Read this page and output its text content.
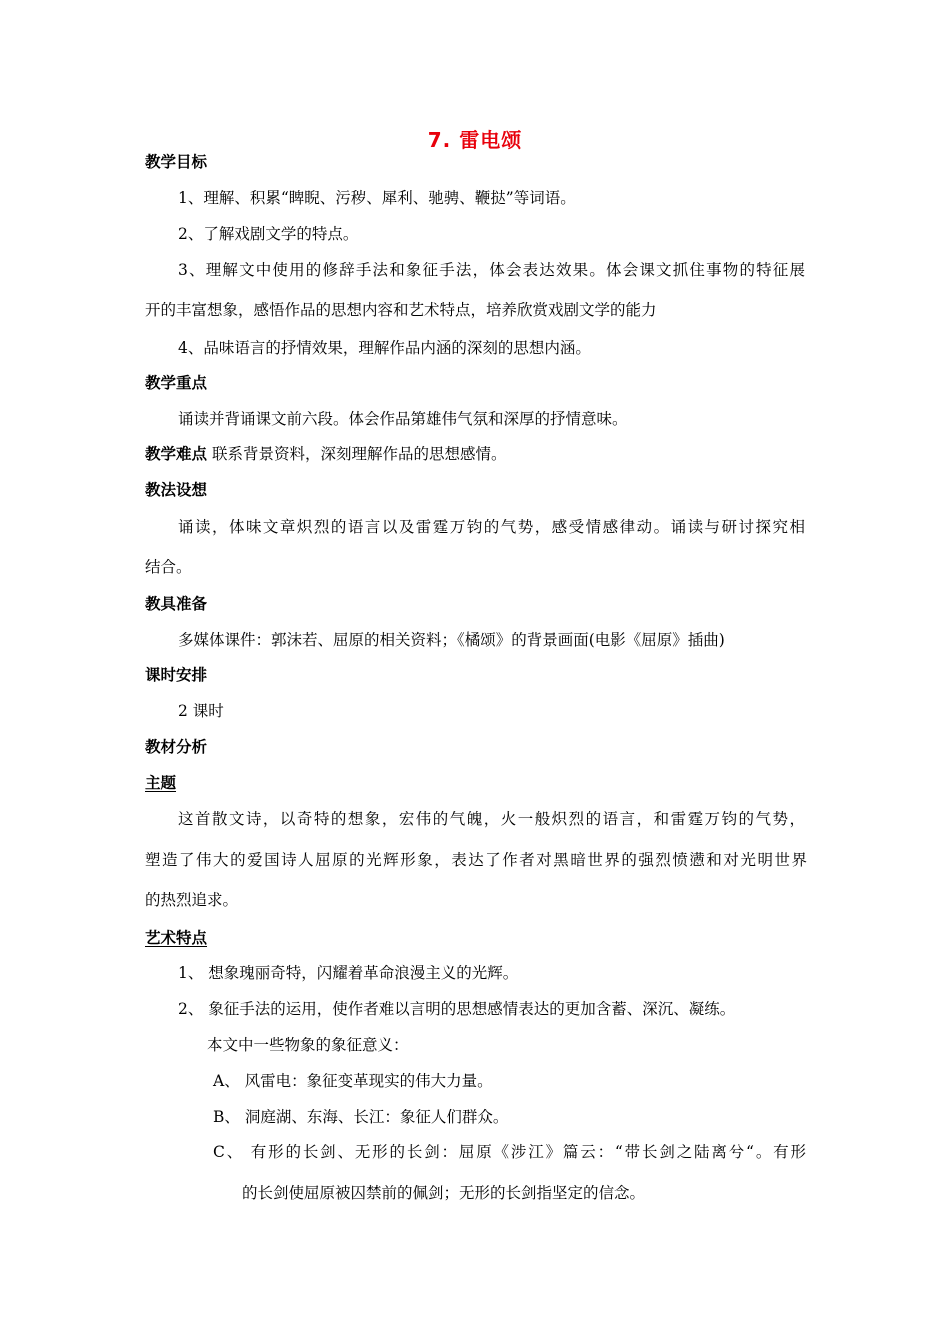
7. 雷电颂
教学目标
1、理解、积累“睥睨、污秽、犀利、驰骋、鞭挞”等词语。
2、了解戏剧文学的特点。
3、理解文中使用的修辞手法和象征手法，体会表达效果。体会课文抓住事物的特征展
开的丰富想象，感悟作品的思想内容和艺术特点，培养欣赏戏剧文学的能力
4、品味语言的抒情效果，理解作品内涵的深刻的思想内涵。
教学重点
诵读并背诵课文前六段。体会作品第雄伟气氛和深厚的抒情意味。
教学难点 联系背景资料，深刻理解作品的思想感情。
教法设想
诵读，体味文章炽烈的语言以及雷霆万钧的气势，感受情感律动。诵读与研讨探究相
结合。
教具准备
多媒体课件：郭沫若、屈原的相关资料；《橘颂》的背景画面(电影《屈原》插曲)
课时安排
2 课时
教材分析
主题
这首散文诗，以奇特的想象，宏伟的气魄，火一般炽烈的语言，和雷霆万钧的气势，
塑造了伟大的爱国诗人屈原的光辉形象，表达了作者对黑暗世界的强烈愤懑和对光明世界
的热烈追求。
艺术特点
1、 想象瑰丽奇特，闪耀着革命浪漫主义的光辉。
2、 象征手法的运用，使作者难以言明的思想感情表达的更加含蓄、深沉、凝练。
本文中一些物象的象征意义：
A、 风雷电：象征变革现实的伟大力量。
B、 洞庭湖、东海、长江：象征人们群众。
C、 有形的长剑、无形的长剑：屈原《涉江》篇云：“带长剑之陆离兮“。有形
的长剑使屈原被囚禁前的佩剑；无形的长剑指坚定的信念。
